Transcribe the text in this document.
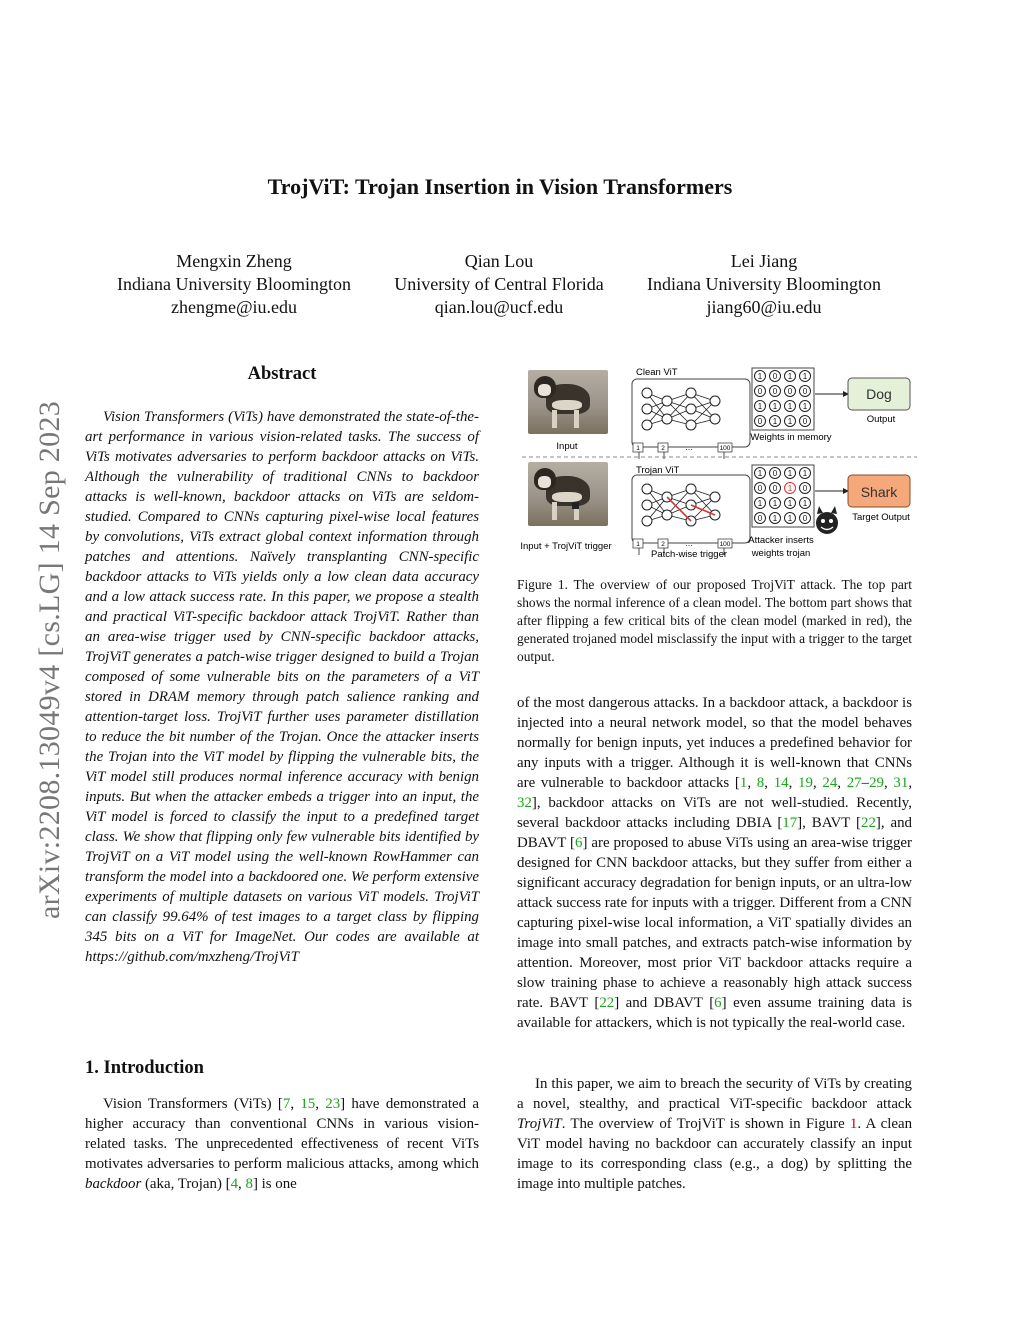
arXiv:2208.13049v4 [cs.LG] 14 Sep 2023
TrojViT: Trojan Insertion in Vision Transformers
Mengxin Zheng
Indiana University Bloomington
zhengme@iu.edu
Qian Lou
University of Central Florida
qian.lou@ucf.edu
Lei Jiang
Indiana University Bloomington
jiang60@iu.edu
Abstract

Vision Transformers (ViTs) have demonstrated the state-of-the-art performance in various vision-related tasks. The success of ViTs motivates adversaries to perform backdoor attacks on ViTs. Although the vulnerability of traditional CNNs to backdoor attacks is well-known, backdoor attacks on ViTs are seldom-studied. Compared to CNNs capturing pixel-wise local features by convolutions, ViTs extract global context information through patches and attentions. Naïvely transplanting CNN-specific backdoor attacks to ViTs yields only a low clean data accuracy and a low attack success rate. In this paper, we propose a stealth and practical ViT-specific backdoor attack TrojViT. Rather than an area-wise trigger used by CNN-specific backdoor attacks, TrojViT generates a patch-wise trigger designed to build a Trojan composed of some vulnerable bits on the parameters of a ViT stored in DRAM memory through patch salience ranking and attention-target loss. TrojViT further uses parameter distillation to reduce the bit number of the Trojan. Once the attacker inserts the Trojan into the ViT model by flipping the vulnerable bits, the ViT model still produces normal inference accuracy with benign inputs. But when the attacker embeds a trigger into an input, the ViT model is forced to classify the input to a predefined target class. We show that flipping only few vulnerable bits identified by TrojViT on a ViT model using the well-known RowHammer can transform the model into a backdoored one. We perform extensive experiments of multiple datasets on various ViT models. TrojViT can classify 99.64% of test images to a target class by flipping 345 bits on a ViT for ImageNet. Our codes are available at https://github.com/mxzheng/TrojViT

1. Introduction

Vision Transformers (ViTs) [7, 15, 23] have demonstrated a higher accuracy than conventional CNNs in various vision-related tasks. The unprecedented effectiveness of recent ViTs motivates adversaries to perform malicious attacks, among which backdoor (aka, Trojan) [4, 8] is one

1	2	…	100
1	2	…	100
1 0 1 1
0 0 0 0
1 1 1 1
0 1 1 0
1 0 1 1
0 0 1 0
1 1 1 1
0 1 1 0
Dog
Output
Shark
Target Output
Input
Input + TrojViT trigger
Clean ViT
Trojan ViT
Weights in memory
Patch-wise trigger
Attacker inserts
weights trojan

Figure 1. The overview of our proposed TrojViT attack. The top part shows the normal inference of a clean model. The bottom part shows that after flipping a few critical bits of the clean model (marked in red), the generated trojaned model misclassify the input with a trigger to the target output.

of the most dangerous attacks. In a backdoor attack, a backdoor is injected into a neural network model, so that the model behaves normally for benign inputs, yet induces a predefined behavior for any inputs with a trigger. Although it is well-known that CNNs are vulnerable to backdoor attacks [1, 8, 14, 19, 24, 27–29, 31, 32], backdoor attacks on ViTs are not well-studied. Recently, several backdoor attacks including DBIA [17], BAVT [22], and DBAVT [6] are proposed to abuse ViTs using an area-wise trigger designed for CNN backdoor attacks, but they suffer from either a significant accuracy degradation for benign inputs, or an ultra-low attack success rate for inputs with a trigger. Different from a CNN capturing pixel-wise local information, a ViT spatially divides an image into small patches, and extracts patch-wise information by attention. Moreover, most prior ViT backdoor attacks require a slow training phase to achieve a reasonably high attack success rate. BAVT [22] and DBAVT [6] even assume training data is available for attackers, which is not typically the real-world case.

In this paper, we aim to breach the security of ViTs by creating a novel, stealthy, and practical ViT-specific backdoor attack TrojViT. The overview of TrojViT is shown in Figure 1. A clean ViT model having no backdoor can accurately classify an input image to its corresponding class (e.g., a dog) by splitting the image into multiple patches.
